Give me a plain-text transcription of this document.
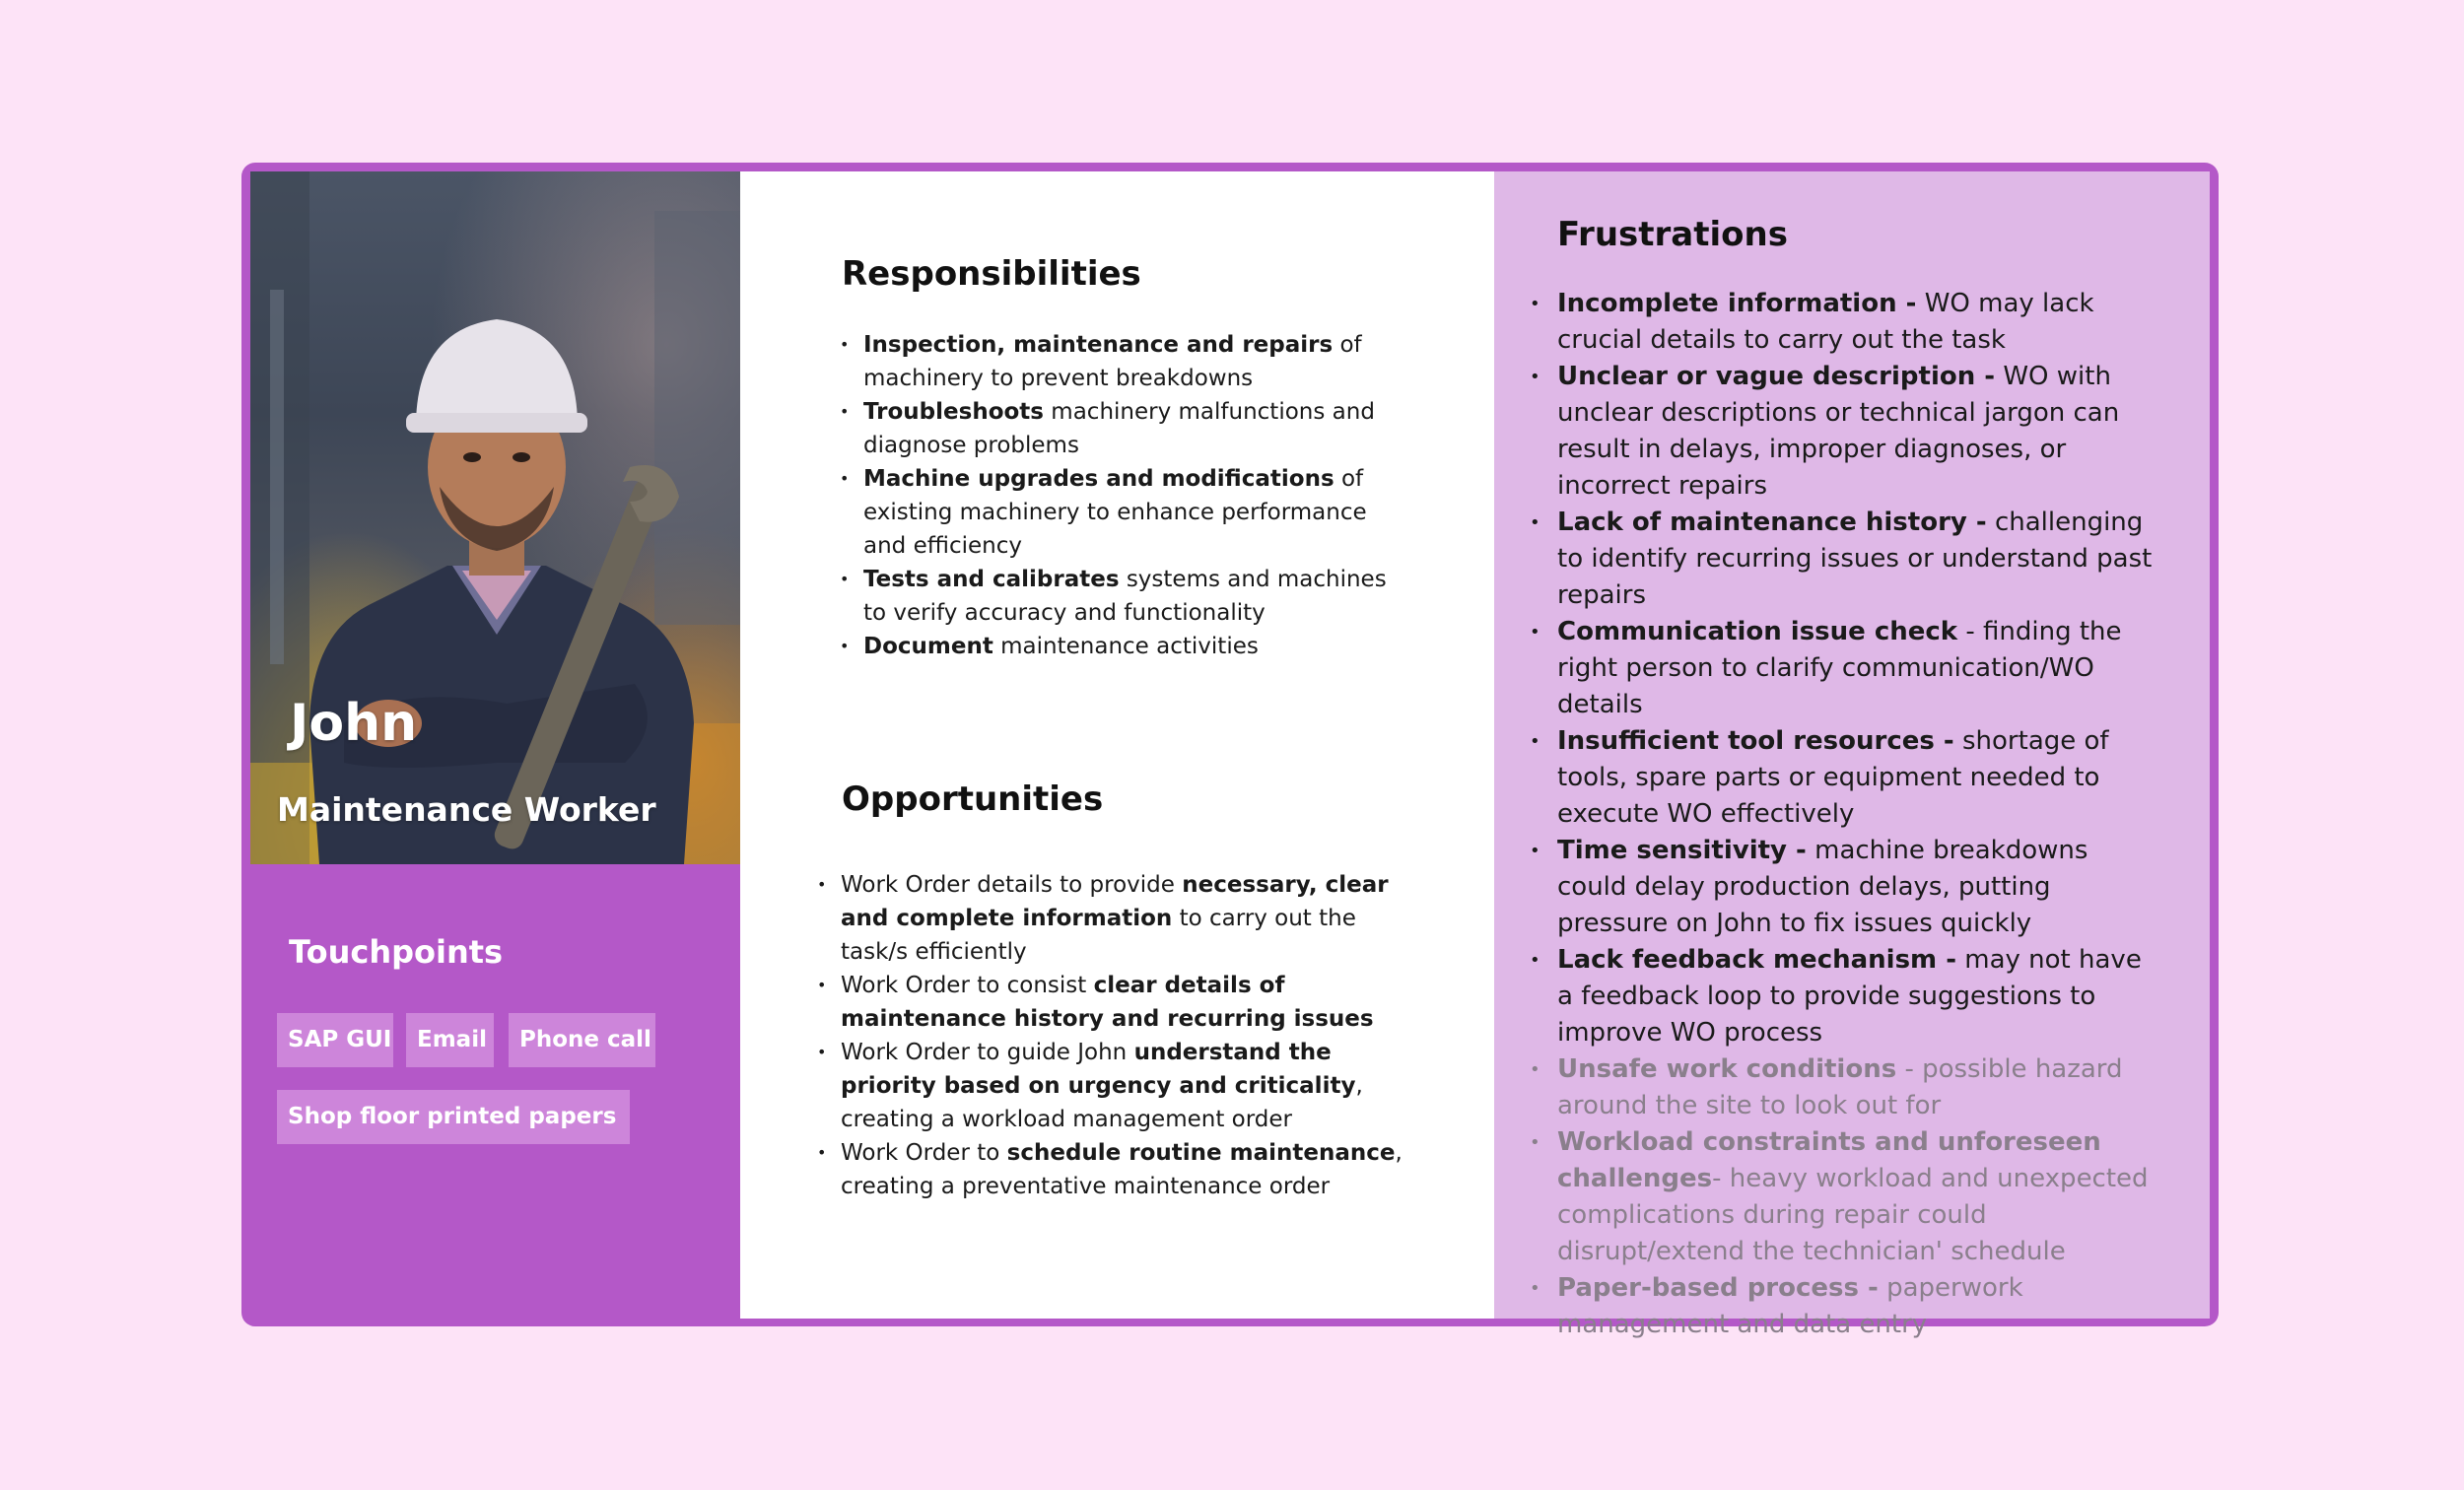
John
Maintenance Worker
Touchpoints
SAP GUI	Email	Phone call
Shop floor printed papers
Responsibilities
• Inspection, maintenance and repairs of machinery to prevent breakdowns
• Troubleshoots machinery malfunctions and diagnose problems
• Machine upgrades and modifications of existing machinery to enhance performance and efficiency
• Tests and calibrates systems and machines to verify accuracy and functionality
• Document maintenance activities
Opportunities
• Work Order details to provide necessary, clear and complete information to carry out the task/s efficiently
• Work Order to consist clear details of maintenance history and recurring issues
• Work Order to guide John understand the priority based on urgency and criticality, creating a workload management order
• Work Order to schedule routine maintenance, creating a preventative maintenance order
Frustrations
• Incomplete information - WO may lack crucial details to carry out the task
• Unclear or vague description - WO with unclear descriptions or technical jargon can result in delays, improper diagnoses, or incorrect repairs
• Lack of maintenance history - challenging to identify recurring issues or understand past repairs
• Communication issue check - finding the right person to clarify communication/WO details
• Insufficient tool resources - shortage of tools, spare parts or equipment needed to execute WO effectively
• Time sensitivity - machine breakdowns could delay production delays, putting pressure on John to fix issues quickly
• Lack feedback mechanism - may not have a feedback loop to provide suggestions to improve WO process
• Unsafe work conditions - possible hazard around the site to look out for
• Workload constraints and unforeseen challenges- heavy workload and unexpected complications during repair could disrupt/extend the technician' schedule
• Paper-based process - paperwork management and data entry
